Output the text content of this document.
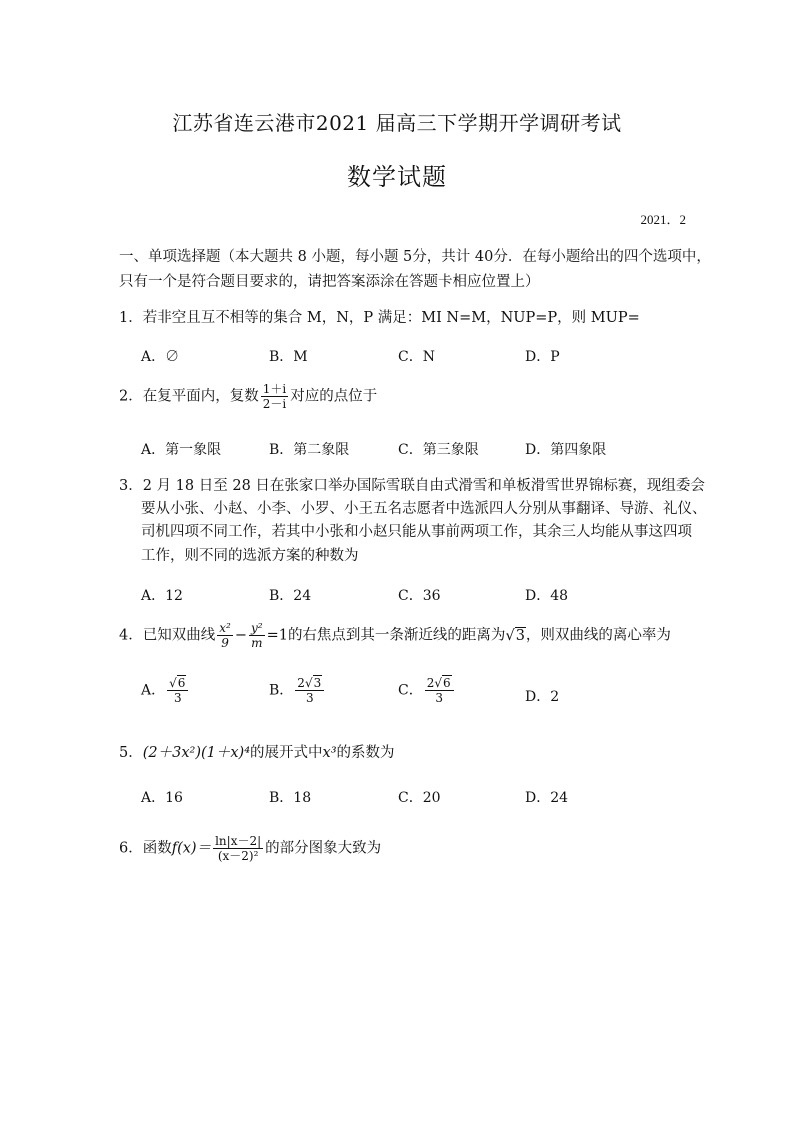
江苏省连云港市2021 届高三下学期开学调研考试
数学试题
2021．2
一、单项选择题（本大题共 8 小题，每小题 5分，共计 40分．在每小题给出的四个选项中，
只有一个是符合题目要求的，请把答案添涂在答题卡相应位置上）
1．若非空且互不相等的集合 M，N，P 满足：MI N=M，NUP=P，则 MUP=
A．∅	B．M	C．N	D．P
2．在复平面内，复数 $\frac{1+i}{2-i}$ 对应的点位于
A．第一象限	B．第二象限	C．第三象限	D．第四象限
3．2 月 18 日至 28 日在张家口举办国际雪联自由式滑雪和单板滑雪世界锦标赛，现组委会
要从小张、小赵、小李、小罗、小王五名志愿者中选派四人分别从事翻译、导游、礼仪、
司机四项不同工作，若其中小张和小赵只能从事前两项工作，其余三人均能从事这四项
工作，则不同的选派方案的种数为
A．12	B．24	C．36	D．48
4．已知双曲线 $\frac{\text{x²}}{9} - \frac{\text{y²}}{m} =1$的右焦点到其一条渐近线的距离为√3，则双曲线的离心率为
A． $\frac{√6}{3}$	B． $\frac{2√3}{3}$	C． $\frac{2√6}{3}$	D．2
5．(2＋3x²)(1＋x)⁴的展开式中x³的系数为
A．16	B．18	C．20	D．24
6．函数$f(x)= \frac{\ln|x-2|}{\text{(x－2)²}}$ 的部分图象大致为
